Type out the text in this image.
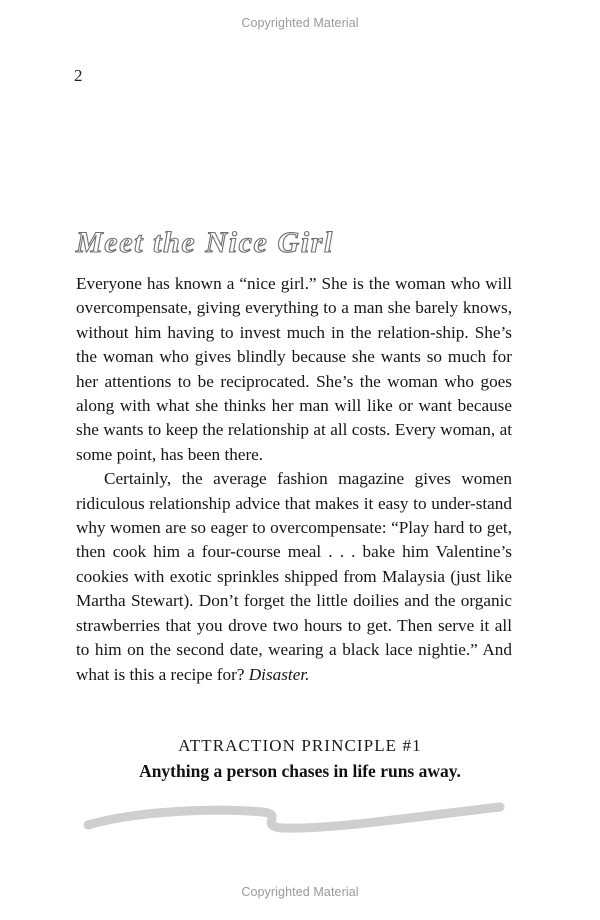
Copyrighted Material
2
Meet the Nice Girl

Everyone has known a “nice girl.” She is the woman who will overcompensate, giving everything to a man she barely knows, without him having to invest much in the relation-ship. She’s the woman who gives blindly because she wants so much for her attentions to be reciprocated. She’s the woman who goes along with what she thinks her man will like or want because she wants to keep the relationship at all costs. Every woman, at some point, has been there.

Certainly, the average fashion magazine gives women ridiculous relationship advice that makes it easy to under-stand why women are so eager to overcompensate: “Play hard to get, then cook him a four-course meal . . . bake him Valentine’s cookies with exotic sprinkles shipped from Malaysia (just like Martha Stewart). Don’t forget the little doilies and the organic strawberries that you drove two hours to get. Then serve it all to him on the second date, wearing a black lace nightie.” And what is this a recipe for? Disaster.

ATTRACTION PRINCIPLE #1
Anything a person chases in life runs away.
Copyrighted Material
